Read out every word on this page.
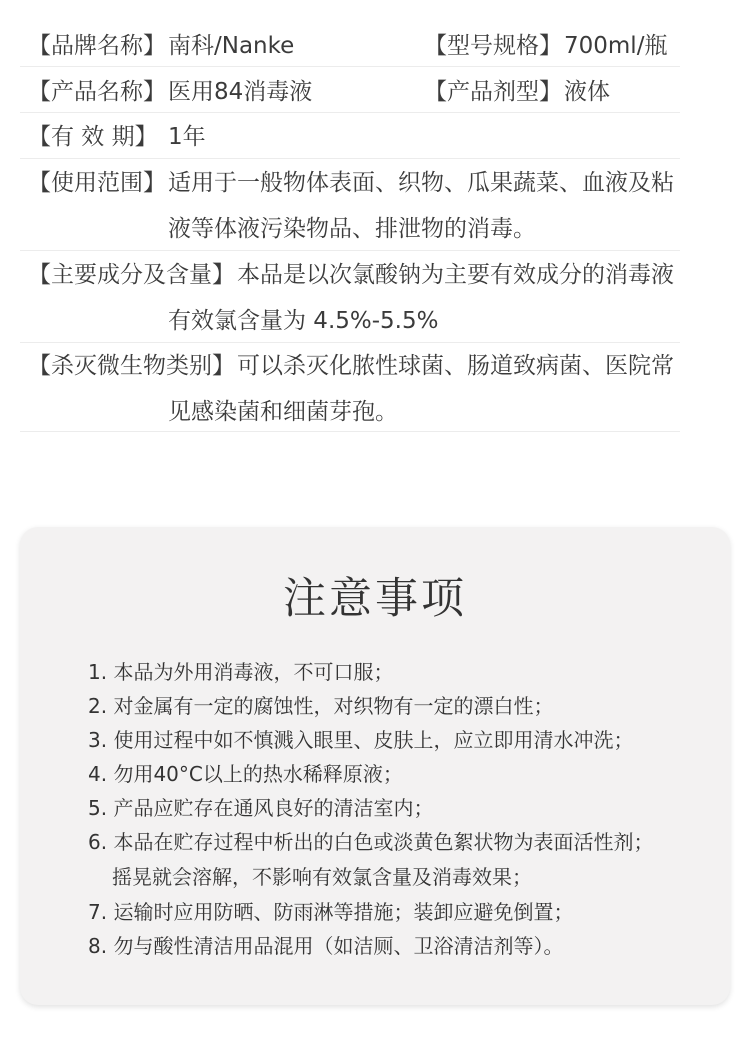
【品牌名称】 南科/Nanke	【型号规格】 700ml/瓶
【产品名称】 医用84消毒液	【产品剂型】 液体
【有 效 期】 1年
【使用范围】 适用于一般物体表面、织物、瓜果蔬菜、血液及粘
液等体液污染物品、排泄物的消毒。
【主要成分及含量】 本品是以次氯酸钠为主要有效成分的消毒液
有效氯含量为 4.5%-5.5%
【杀灭微生物类别】 可以杀灭化脓性球菌、肠道致病菌、医院常
见感染菌和细菌芽孢。
注意事项
1. 本品为外用消毒液，不可口服；
2. 对金属有一定的腐蚀性，对织物有一定的漂白性；
3. 使用过程中如不慎溅入眼里、皮肤上，应立即用清水冲洗；
4. 勿用40°C以上的热水稀释原液；
5. 产品应贮存在通风良好的清洁室内；
6. 本品在贮存过程中析出的白色或淡黄色絮状物为表面活性剂；
摇晃就会溶解，不影响有效氯含量及消毒效果；
7. 运输时应用防晒、防雨淋等措施；装卸应避免倒置；
8. 勿与酸性清洁用品混用（如洁厕、卫浴清洁剂等）。
